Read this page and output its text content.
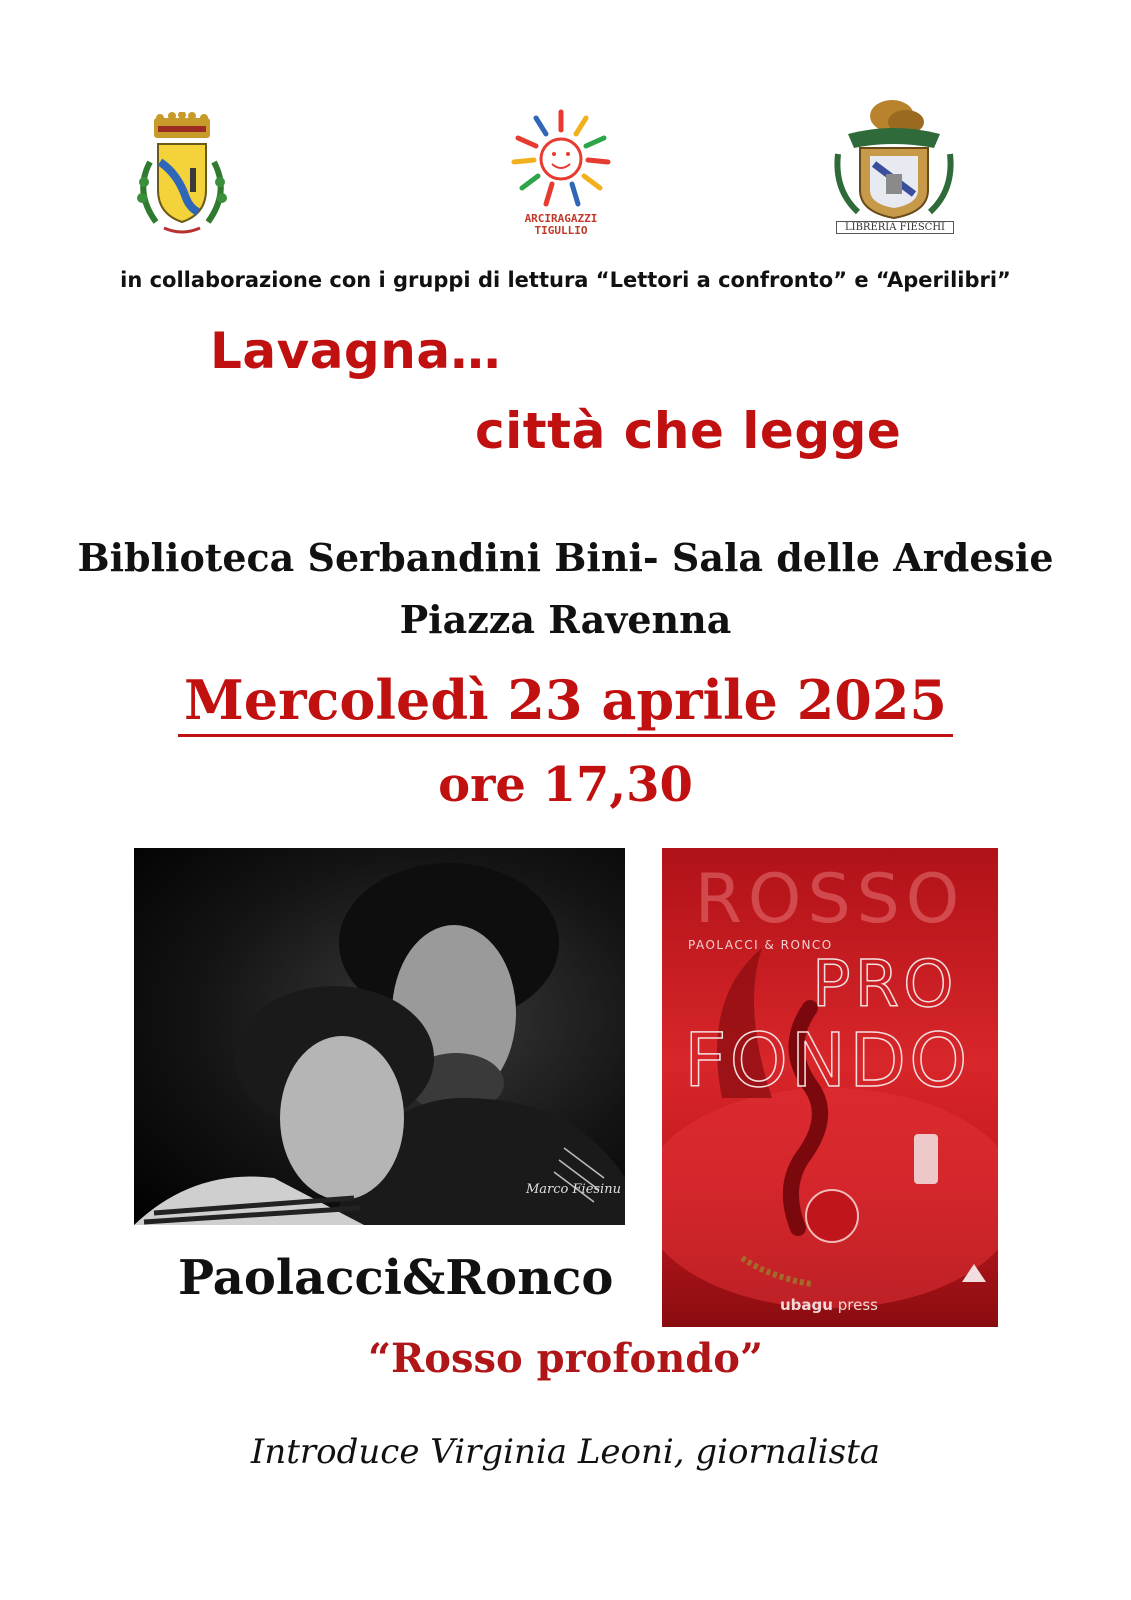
ARCIRAGAZZI
TIGULLIO	LIBRERIA FIESCHI
in collaborazione con i gruppi di lettura “Lettori a confronto” e “Aperilibri”
Lavagna…
città che legge
Biblioteca Serbandini Bini- Sala delle Ardesie
Piazza Ravenna
Mercoledì 23 aprile 2025
ore 17,30
Marco Fiesinu
ROSSO
PAOLACCI & RONCO
PRO
FONDO
ubagu press
Paolacci&Ronco
“Rosso profondo”
Introduce Virginia Leoni, giornalista
